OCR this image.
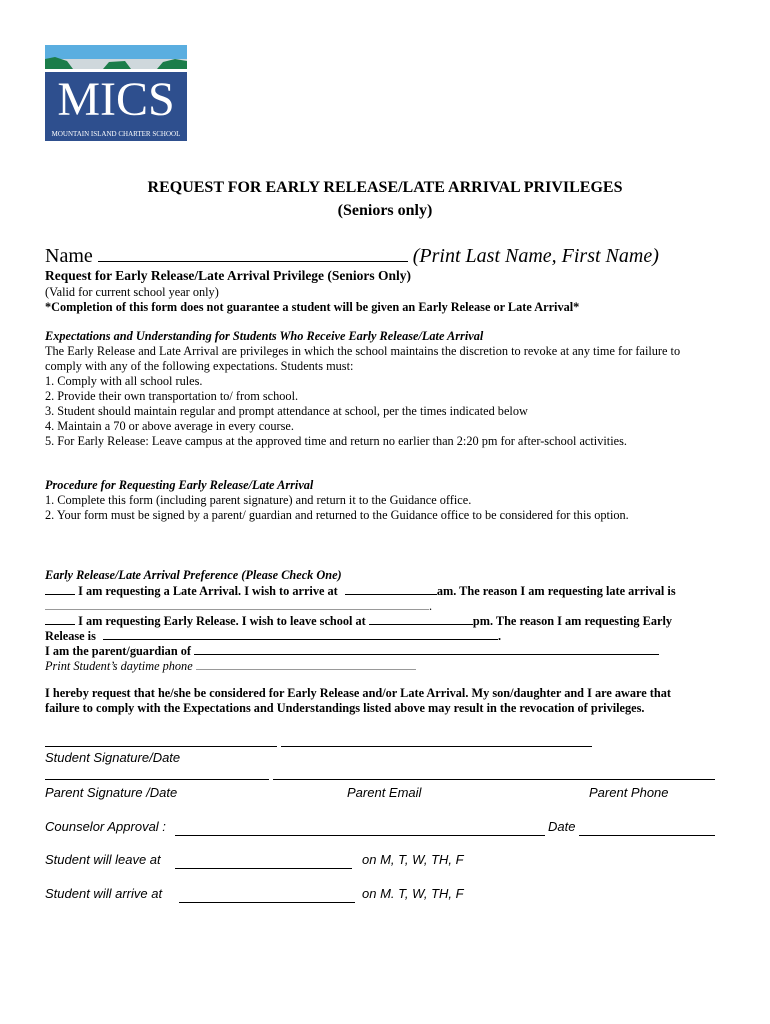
MICS
MOUNTAIN ISLAND CHARTER SCHOOL
REQUEST FOR EARLY RELEASE/LATE ARRIVAL PRIVILEGES
(Seniors only)
Name	(Print Last Name, First Name)
Request for Early Release/Late Arrival Privilege (Seniors Only)
(Valid for current school year only)
*Completion of this form does not guarantee a student will be given an Early Release or Late Arrival*
Expectations and Understanding for Students Who Receive Early Release/Late Arrival
The Early Release and Late Arrival are privileges in which the school maintains the discretion to revoke at any time for failure to
comply with any of the following expectations. Students must:
1. Comply with all school rules.
2. Provide their own transportation to/ from school.
3. Student should maintain regular and prompt attendance at school, per the times indicated below
4. Maintain a 70 or above average in every course.
5. For Early Release: Leave campus at the approved time and return no earlier than 2:20 pm for after-school activities.
Procedure for Requesting Early Release/Late Arrival
1. Complete this form (including parent signature) and return it to the Guidance office.
2. Your form must be signed by a parent/ guardian and returned to the Guidance office to be considered for this option.
Early Release/Late Arrival Preference (Please Check One)
I am requesting a Late Arrival. I wish to arrive at	am. The reason I am requesting late arrival is
.
I am requesting Early Release. I wish to leave school at	pm. The reason I am requesting Early
Release is	.
I am the parent/guardian of
Print Student’s daytime phone
I hereby request that he/she be considered for Early Release and/or Late Arrival. My son/daughter and I are aware that
failure to comply with the Expectations and Understandings listed above may result in the revocation of privileges.
Student Signature/Date
Parent Signature /Date	Parent Email	Parent Phone
Counselor Approval :	Date
Student will leave at	on M, T, W, TH, F
Student will arrive at	on M. T, W, TH, F
